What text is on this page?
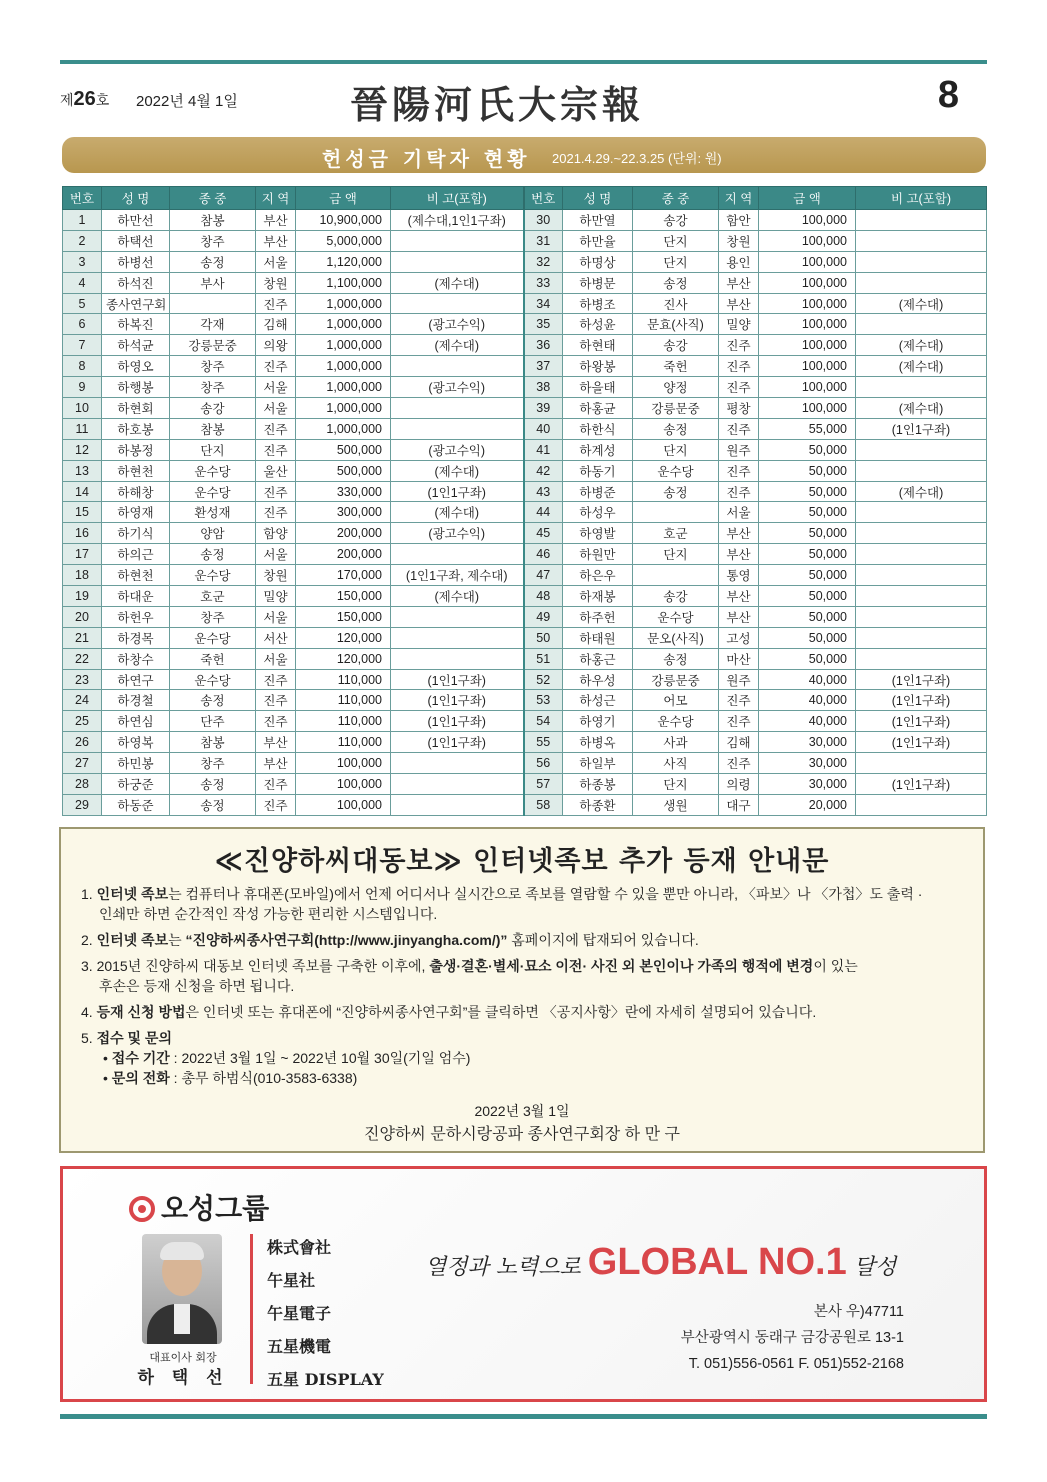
제26호 2022년 4월 1일	晉陽河氏大宗報	8
헌성금 기탁자 현황 2021.4.29.~22.3.25 (단위: 원)
번호	성 명	종 중	지 역	금 액	비 고(포함)	번호	성 명	종 중	지 역	금 액	비 고(포함)
1	하만선	참봉	부산	10,900,000	(제수대,1인1구좌)	30	하만열	송강	함안	100,000	
2	하택선	창주	부산	5,000,000		31	하만율	단지	창원	100,000	
3	하병선	송정	서울	1,120,000		32	하명상	단지	용인	100,000	
4	하석진	부사	창원	1,100,000	(제수대)	33	하병문	송정	부산	100,000	
5	종사연구회		진주	1,000,000		34	하병조	진사	부산	100,000	(제수대)
6	하복진	각재	김해	1,000,000	(광고수익)	35	하성윤	문효(사직)	밀양	100,000	
7	하석균	강릉문중	의왕	1,000,000	(제수대)	36	하현태	송강	진주	100,000	(제수대)
8	하영오	창주	진주	1,000,000		37	하왕봉	죽헌	진주	100,000	(제수대)
9	하행봉	창주	서울	1,000,000	(광고수익)	38	하을태	양정	진주	100,000	
10	하현회	송강	서울	1,000,000		39	하홍균	강릉문중	평창	100,000	(제수대)
11	하호봉	참봉	진주	1,000,000		40	하한식	송정	진주	55,000	(1인1구좌)
12	하봉정	단지	진주	500,000	(광고수익)	41	하계성	단지	원주	50,000	
13	하현천	운수당	울산	500,000	(제수대)	42	하동기	운수당	진주	50,000	
14	하해창	운수당	진주	330,000	(1인1구좌)	43	하병준	송정	진주	50,000	(제수대)
15	하영재	환성재	진주	300,000	(제수대)	44	하성우		서울	50,000	
16	하기식	양암	함양	200,000	(광고수익)	45	하영발	호군	부산	50,000	
17	하의근	송정	서울	200,000		46	하원만	단지	부산	50,000	
18	하현천	운수당	창원	170,000	(1인1구좌, 제수대)	47	하은우		통영	50,000	
19	하대운	호군	밀양	150,000	(제수대)	48	하재봉	송강	부산	50,000	
20	하헌우	창주	서울	150,000		49	하주헌	운수당	부산	50,000	
21	하경목	운수당	서산	120,000		50	하태원	문오(사직)	고성	50,000	
22	하창수	죽헌	서울	120,000		51	하홍근	송정	마산	50,000	
23	하연구	운수당	진주	110,000	(1인1구좌)	52	하우성	강릉문중	원주	40,000	(1인1구좌)
24	하경철	송정	진주	110,000	(1인1구좌)	53	하성근	어모	진주	40,000	(1인1구좌)
25	하연심	단주	진주	110,000	(1인1구좌)	54	하영기	운수당	진주	40,000	(1인1구좌)
26	하영복	참봉	부산	110,000	(1인1구좌)	55	하병옥	사과	김해	30,000	(1인1구좌)
27	하민봉	창주	부산	100,000		56	하일부	사직	진주	30,000	
28	하궁준	송정	진주	100,000		57	하종봉	단지	의령	30,000	(1인1구좌)
29	하동준	송정	진주	100,000		58	하종환	생원	대구	20,000	
≪진양하씨대동보≫ 인터넷족보 추가 등재 안내문
1. 인터넷 족보는 컴퓨터나 휴대폰(모바일)에서 언제 어디서나 실시간으로 족보를 열람할 수 있을 뿐만 아니라, 〈파보〉나 〈가첩〉도 출력 ·
인쇄만 하면 순간적인 작성 가능한 편리한 시스템입니다.
2. 인터넷 족보는 “진양하씨종사연구회(http://www.jinyangha.com/)” 홈페이지에 탑재되어 있습니다.
3. 2015년 진양하씨 대동보 인터넷 족보를 구축한 이후에, 출생·결혼·별세·묘소 이전· 사진 외 본인이나 가족의 행적에 변경이 있는
후손은 등재 신청을 하면 됩니다.
4. 등재 신청 방법은 인터넷 또는 휴대폰에 “진양하씨종사연구회”를 클릭하면 〈공지사항〉란에 자세히 설명되어 있습니다.
5. 접수 및 문의
• 접수 기간 : 2022년 3월 1일 ~ 2022년 10월 30일(기일 엄수)
• 문의 전화 : 총무 하범식(010-3583-6338)
2022년 3월 1일
진양하씨 문하시랑공파 종사연구회장 하 만 구
오성그룹
대표이사 회장
하 택 선
株式會社
午星社
午星電子
五星機電
五星 DISPLAY
열정과 노력으로 GLOBAL NO.1 달성
본사 우)47711
부산광역시 동래구 금강공원로 13-1
T. 051)556-0561 F. 051)552-2168
